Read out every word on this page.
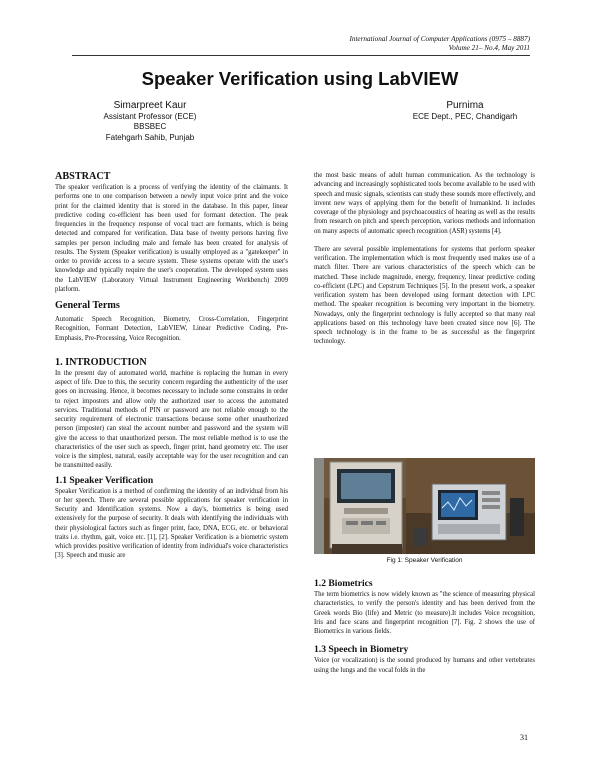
International Journal of Computer Applications (0975 – 8887)
Volume 21– No.4, May 2011
Speaker Verification using LabVIEW
Simarpreet Kaur
Assistant Professor (ECE)
BBSBEC
Fatehgarh Sahib, Punjab
Purnima
ECE Dept., PEC, Chandigarh
ABSTRACT

The speaker verification is a process of verifying the identity of the claimants. It performs one to one comparison between a newly input voice print and the voice print for the claimed identity that is stored in the database. In this paper, linear predictive coding co-efficient has been used for formant detection. The peak frequencies in the frequency response of vocal tract are formants, which is being detected and compared for verification. Data base of twenty persons having five samples per person including male and female has been created for analysis of results. The System (Speaker verification) is usually employed as a "gatekeeper" in order to provide access to a secure system. These systems operate with the user's knowledge and typically require the user's cooperation. The developed system uses the LabVIEW (Laboratory Virtual Instrument Engineering Workbench) 2009 platform.

General Terms

Automatic Speech Recognition, Biometry, Cross-Correlation, Fingerprint Recognition, Formant Detection, LabVIEW, Linear Predictive Coding, Pre-Emphasis, Pre-Processing, Voice Recognition.

1. INTRODUCTION

In the present day of automated world, machine is replacing the human in every aspect of life. Due to this, the security concern regarding the authenticity of the user goes on increasing. Hence, it becomes necessary to include some constrains in order to reject impostors and allow only the authorized user to access the automated services. Traditional methods of PIN or password are not reliable enough to the security requirement of electronic transactions because some other unauthorized person (imposter) can steal the account number and password and the system will give the access to that unauthorized person. The most reliable method is to use the characteristics of the user such as speech, finger print, hand geometry etc. The user voice is the simplest, natural, easily acceptable way for the user recognition and can be transmitted easily.

1.1 Speaker Verification

Speaker Verification is a method of confirming the identity of an individual from his or her speech. There are several possible applications for speaker verification in Security and Identification systems. Now a day's, biometrics is being used extensively for the purpose of security. It deals with identifying the individuals with their physiological factors such as finger print, face, DNA, ECG, etc. or behavioral traits i.e. rhythm, gait, voice etc. [1], [2]. Speaker Verification is a biometric system which provides positive verification of identity from individual's voice characteristics [3]. Speech and music are

the most basic means of adult human communication. As the technology is advancing and increasingly sophisticated tools become available to be used with speech and music signals, scientists can study these sounds more effectively, and invent new ways of applying them for the benefit of humankind. It includes coverage of the physiology and psychoacoustics of hearing as well as the results from research on pitch and speech perception, various methods and information on many aspects of automatic speech recognition (ASR) systems [4].

There are several possible implementations for systems that perform speaker verification. The implementation which is most frequently used makes use of a match filter. There are various characteristics of the speech which can be matched. These include magnitude, energy, frequency, linear predictive coding co-efficient (LPC) and Cepstrum Techniques [5]. In the present work, a speaker verification system has been developed using formant detection with LPC method. The speaker recognition is becoming very important in the biometry. Nowadays, only the fingerprint technology is fully accepted so that many real applications based on this technology have been created since now [6]. The speech technology is in the frame to be as successful as the fingerprint technology.

Fig 1: Speaker Verification
1.2 Biometrics

The term biometrics is now widely known as "the science of measuring physical characteristics, to verify the person's identity and has been derived from the Greek words Bio (life) and Metric (to measure).It includes Voice recognition, Iris and face scans and fingerprint recognition [7]. Fig. 2 shows the use of Biometrics in various fields.

1.3 Speech in Biometry

Voice (or vocalization) is the sound produced by humans and other vertebrates using the lungs and the vocal folds in the

31
